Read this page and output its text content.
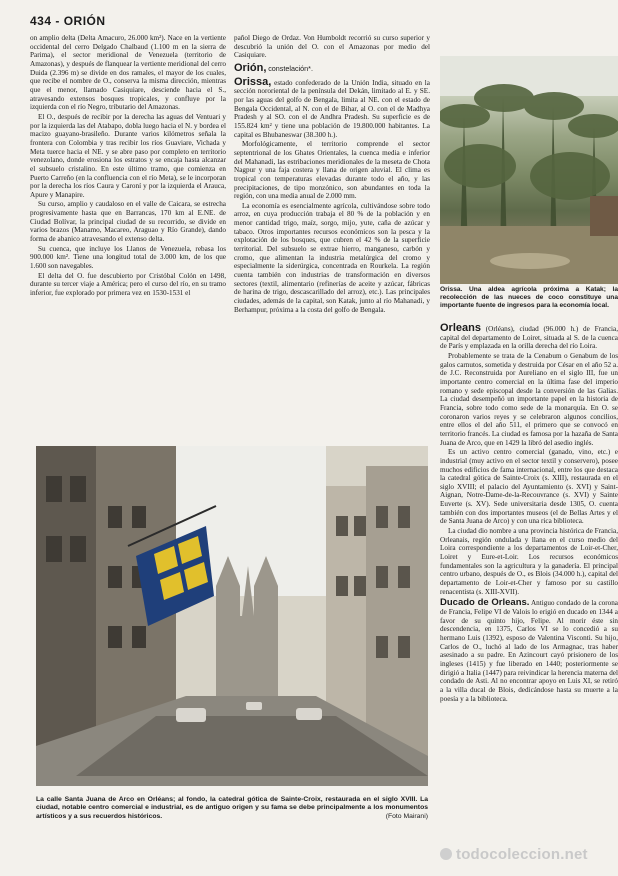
434 - ORIÓN

on amplio delta (Delta Amacuro, 26.000 km²). Nace en la vertiente occidental del cerro Delgado Chalbaud (1.100 m en la sierra de Parima), el sector meridional de Venezuela (territorio de Amazonas), y después de flanquear la vertiente meridional del cerro Duida (2.396 m) se divide en dos ramales, el mayor de los cuales, que recibe el nombre de O., conserva la misma dirección, mientras que el menor, llamado Casiquiare, desciende hacia el S., atravesando extensos bosques tropicales, y confluye por la izquierda con el río Negro, tributario del Amazonas.

El O., después de recibir por la derecha las aguas del Ventuari y por la izquierda las del Atabapo, dobla luego hacia el N. y bordea el macizo guayano-brasileño. Durante varios kilómetros señala la frontera con Colombia y tras recibir los ríos Guaviare, Vichada y Meta tuerce hacia el NE. y se abre paso por completo en territorio venezolano, donde erosiona los estratos y se encaja hasta alcanzar el subsuelo cristalino. En este último tramo, que comienza en Puerto Carreño (en la confluencia con el río Meta), se le incorporan por la derecha los ríos Caura y Caroní y por la izquierda el Arauca, Apure y Manapire.

Su curso, amplio y caudaloso en el valle de Caicara, se estrecha progresivamente hasta que en Barrancas, 170 km al E.NE. de Ciudad Bolívar, la principal ciudad de su recorrido, se divide en varios brazos (Manamo, Macareo, Araguao y Río Grande), dando forma de abanico atravesando el extenso delta.

Su cuenca, que incluye los Llanos de Venezuela, rebasa los 900.000 km². Tiene una longitud total de 3.000 km, de los que 1.600 son navegables.

El delta del O. fue descubierto por Cristóbal Colón en 1498, durante su tercer viaje a América; pero el curso del río, en su tramo inferior, fue explorado por primera vez en 1530-1531 el

pañol Diego de Ordaz. Von Humboldt recorrió su curso superior y descubrió la unión del O. con el Amazonas por medio del Casiquiare.

Orión, constelación*.

Orissa, estado confederado de la Unión India, situado en la sección nororiental de la península del Dekán, limitado al E. y SE. por las aguas del golfo de Bengala, limita al NE. con el estado de Bengala Occidental, al N. con el de Bihar, al O. con el de Madhya Pradesh y al SO. con el de Andhra Pradesh. Su superficie es de 155.824 km² y tiene una población de 19.800.000 habitantes. La capital es Bhubaneswar (38.300 h.).

Morfológicamente, el territorio comprende el sector septentrional de los Ghates Orientales, la cuenca media e inferior del Mahanadi, las estribaciones meridionales de la meseta de Chota Nagpur y una faja costera y llana de origen aluvial. El clima es tropical con temperaturas elevadas durante todo el año, y las precipitaciones, de tipo monzónico, son abundantes en toda la región, con una media anual de 2.000 mm.

La economía es esencialmente agrícola, cultivándose sobre todo arroz, en cuya producción trabaja el 80 % de la población y en menor cantidad trigo, maíz, sorgo, mijo, yute, caña de azúcar y tabaco. Otros importantes recursos económicos son la pesca y la explotación de los bosques, que cubren el 42 % de la superficie territorial. Del subsuelo se extrae hierro, manganeso, carbón y cromo, que alimentan la industria metalúrgica del cromo y especialmente la siderúrgica, concentrada en Rourkela. La región cuenta también con industrias de transformación en diversos sectores (textil, alimentario (refinerías de aceite y azúcar, fábricas de harina de trigo, descascarillado del arroz), etc.). Las principales ciudades, además de la capital, son Katak, junto al río Mahanadi, y Berhampur, próxima a la costa del golfo de Bengala.

Orissa. Una aldea agrícola próxima a Katak; la recolección de las nueces de coco constituye una importante fuente de ingresos para la economía local.

Orleans (Orléans), ciudad (96.000 h.) de Francia, capital del departamento de Loiret, situada al S. de la cuenca de París y emplazada en la orilla derecha del río Loira.

Probablemente se trata de la Cenabum o Genabum de los galos carnutos, sometida y destruida por César en el año 52 a. de J.C. Reconstruida por Aureliano en el siglo III, fue un importante centro comercial en la última fase del imperio romano y sede episcopal desde la conversión de las Galias. La ciudad desempeñó un importante papel en la historia de Francia, sobre todo como sede de la monarquía. En O. se coronaron varios reyes y se celebraron algunos concilios, entre ellos el del año 511, el primero que se convocó en territorio francés. La ciudad es famosa por la hazaña de Santa Juana de Arco, que en 1429 la libró del asedio inglés.

Es un activo centro comercial (ganado, vino, etc.) e industrial (muy activo en el sector textil y conservero), posee muchos edificios de fama internacional, entre los que destaca la catedral gótica de Sainte-Croix (s. XIII), restaurada en el siglo XVIII; el palacio del Ayuntamiento (s. XVI) y Saint-Aignan, Notre-Dame-de-la-Recouvrance (s. XVI) y Sainte Euverte (s. XV). Sede universitaria desde 1305, O. cuenta también con dos importantes museos (el de Bellas Artes y el de Santa Juana de Arco) y con una rica biblioteca.

La ciudad dio nombre a una provincia histórica de Francia, Orleanais, región ondulada y llana en el curso medio del Loira correspondiente a los departamentos de Loir-et-Cher, Loiret y Eure-et-Loir. Los recursos económicos fundamentales son la agricultura y la ganadería. El principal centro urbano, después de O., es Blois (34.000 h.), capital del departamento de Loir-et-Cher y famoso por su castillo renacentista (s. XIII-XVII).

Ducado de Orleans. Antiguo condado de la corona de Francia, Felipe VI de Valois lo erigió en ducado en 1344 a favor de su quinto hijo, Felipe. Al morir éste sin descendencia, en 1375, Carlos VI se lo concedió a su hermano Luis (1392), esposo de Valentina Visconti. Su hijo, Carlos de O., luchó al lado de los Armagnac, tras haber asesinado a su padre. En Azincourt cayó prisionero de los ingleses (1415) y fue liberado en 1440; posteriormente se dirigió a Italia (1447) para reivindicar la herencia materna del condado de Asti. Al no encontrar apoyo en Luis XI, se retiró a la villa ducal de Blois, dedicándose hasta su muerte a la poesía y a la biblioteca.

La calle Santa Juana de Arco en Orléans; al fondo, la catedral gótica de Sainte-Croix, restaurada en el siglo XVIII. La ciudad, notable centro comercial e industrial, es de antiguo origen y su fama se debe principalmente a los monumentos artísticos y a sus recuerdos históricos.	(Foto Mairani)
todocoleccion.net
